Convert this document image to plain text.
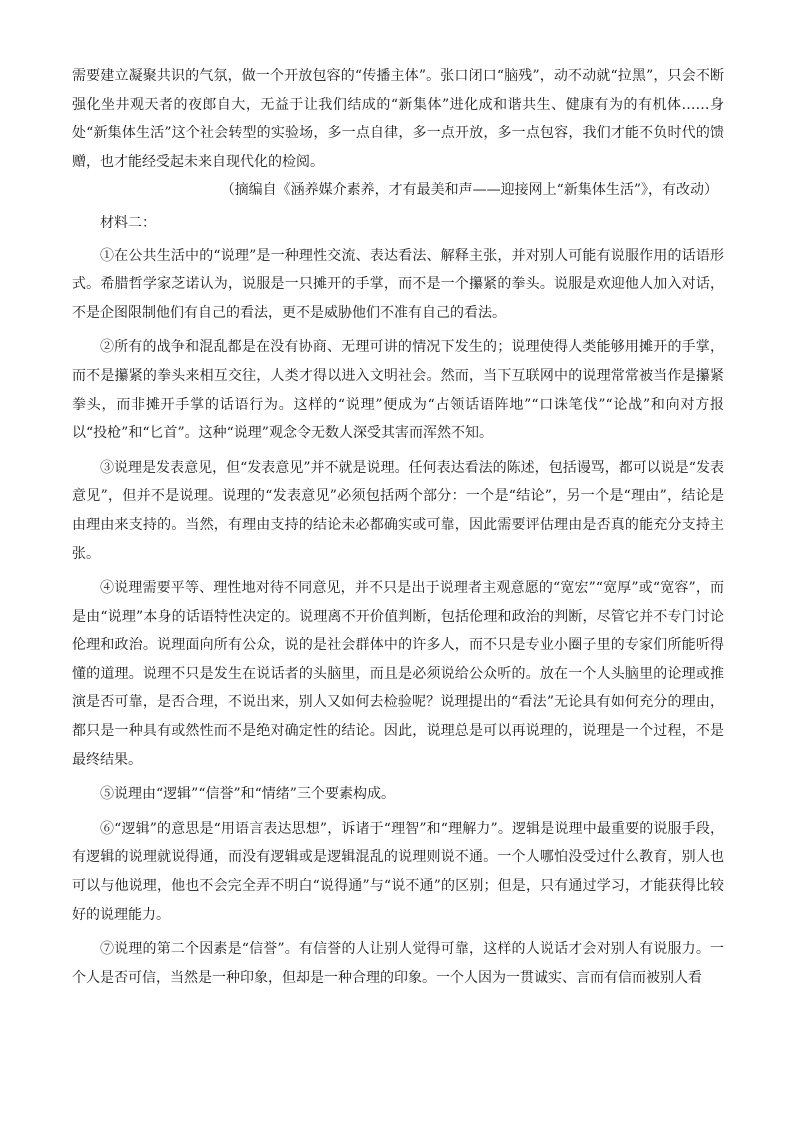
需要建立凝聚共识的气氛，做一个开放包容的“传播主体”。张口闭口“脑残”，动不动就“拉黑”，只会不断强化坐井观天者的夜郎自大，无益于让我们结成的“新集体”进化成和谐共生、健康有为的有机体……身处“新集体生活”这个社会转型的实验场，多一点自律，多一点开放，多一点包容，我们才能不负时代的馈赠，也才能经受起未来自现代化的检阅。

（摘编自《涵养媒介素养，才有最美和声——迎接网上“新集体生活”》，有改动）

材料二：

①在公共生活中的“说理”是一种理性交流、表达看法、解释主张，并对别人可能有说服作用的话语形式。希腊哲学家芝诺认为，说服是一只摊开的手掌，而不是一个攥紧的拳头。说服是欢迎他人加入对话，不是企图限制他们有自己的看法，更不是威胁他们不准有自己的看法。

②所有的战争和混乱都是在没有协商、无理可讲的情况下发生的；说理使得人类能够用摊开的手掌，而不是攥紧的拳头来相互交往，人类才得以进入文明社会。然而，当下互联网中的说理常常被当作是攥紧拳头，而非摊开手掌的话语行为。这样的“说理”便成为“占领话语阵地”“口诛笔伐”“论战”和向对方报以“投枪”和“匕首”。这种“说理”观念令无数人深受其害而浑然不知。

③说理是发表意见，但“发表意见”并不就是说理。任何表达看法的陈述，包括谩骂，都可以说是“发表意见”，但并不是说理。说理的“发表意见”必须包括两个部分：一个是“结论”，另一个是“理由”，结论是由理由来支持的。当然，有理由支持的结论未必都确实或可靠，因此需要评估理由是否真的能充分支持主张。

④说理需要平等、理性地对待不同意见，并不只是出于说理者主观意愿的“宽宏”“宽厚”或“宽容”，而是由“说理”本身的话语特性决定的。说理离不开价值判断，包括伦理和政治的判断，尽管它并不专门讨论伦理和政治。说理面向所有公众，说的是社会群体中的许多人，而不只是专业小圈子里的专家们所能听得懂的道理。说理不只是发生在说话者的头脑里，而且是必须说给公众听的。放在一个人头脑里的论理或推演是否可靠，是否合理，不说出来，别人又如何去检验呢？说理提出的“看法”无论具有如何充分的理由，都只是一种具有或然性而不是绝对确定性的结论。因此，说理总是可以再说理的，说理是一个过程，不是最终结果。

⑤说理由“逻辑”“信誉”和“情绪”三个要素构成。

⑥“逻辑”的意思是“用语言表达思想”，诉诸于“理智”和“理解力”。逻辑是说理中最重要的说服手段，有逻辑的说理就说得通，而没有逻辑或是逻辑混乱的说理则说不通。一个人哪怕没受过什么教育，别人也可以与他说理，他也不会完全弄不明白“说得通”与“说不通”的区别；但是，只有通过学习，才能获得比较好的说理能力。

⑦说理的第二个因素是“信誉”。有信誉的人让别人觉得可靠，这样的人说话才会对别人有说服力。一个人是否可信，当然是一种印象，但却是一种合理的印象。一个人因为一贯诚实、言而有信而被别人看
